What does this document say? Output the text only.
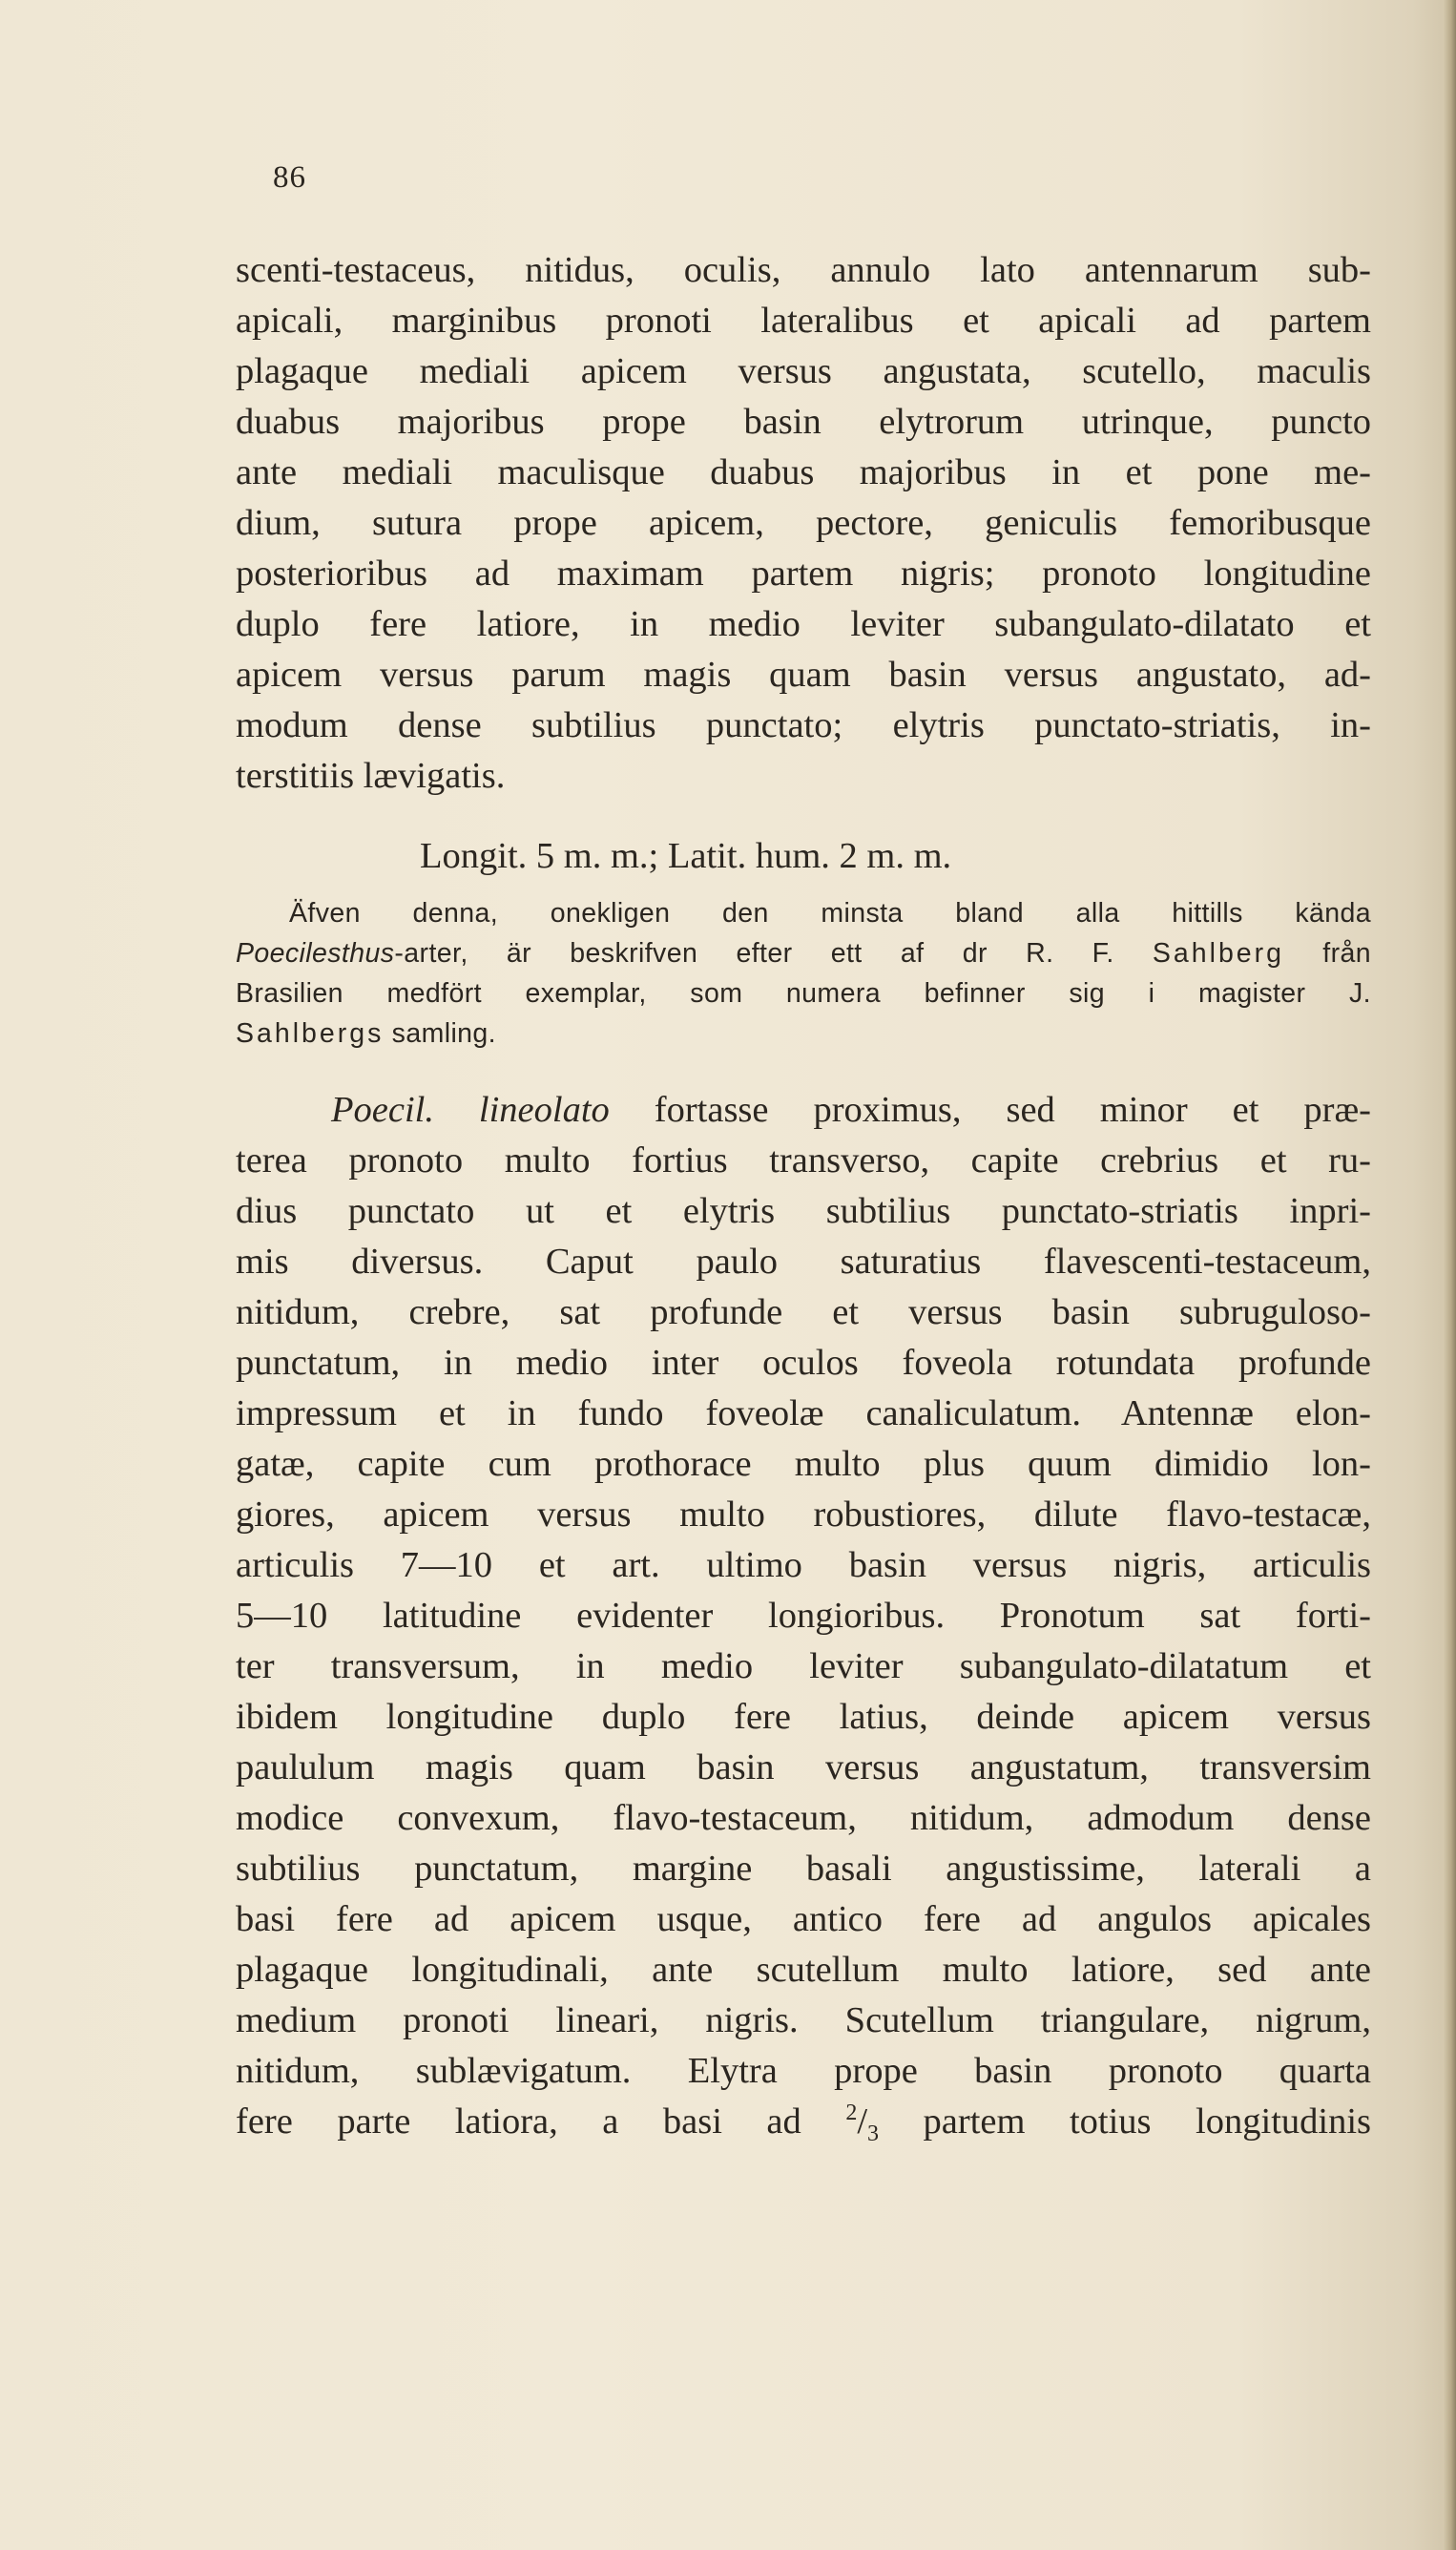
86
scenti-testaceus, nitidus, oculis, annulo lato antennarum sub-
apicali, marginibus pronoti lateralibus et apicali ad partem
plagaque mediali apicem versus angustata, scutello, maculis
duabus majoribus prope basin elytrorum utrinque, puncto
ante mediali maculisque duabus majoribus in et pone me-
dium, sutura prope apicem, pectore, geniculis femoribusque
posterioribus ad maximam partem nigris; pronoto longitudine
duplo fere latiore, in medio leviter subangulato-dilatato et
apicem versus parum magis quam basin versus angustato, ad-
modum dense subtilius punctato; elytris punctato-striatis, in-
terstitiis lævigatis.
Longit. 5 m. m.; Latit. hum. 2 m. m.
Äfven denna, onekligen den minsta bland alla hittills kända
Poecilesthus-arter, är beskrifven efter ett af dr R. F. Sahlberg från
Brasilien medfört exemplar, som numera befinner sig i magister J.
Sahlbergs samling.
Poecil. lineolato fortasse proximus, sed minor et præ-
terea pronoto multo fortius transverso, capite crebrius et ru-
dius punctato ut et elytris subtilius punctato-striatis inpri-
mis diversus. Caput paulo saturatius flavescenti-testaceum,
nitidum, crebre, sat profunde et versus basin subruguloso-
punctatum, in medio inter oculos foveola rotundata profunde
impressum et in fundo foveolæ canaliculatum. Antennæ elon-
gatæ, capite cum prothorace multo plus quum dimidio lon-
giores, apicem versus multo robustiores, dilute flavo-testacæ,
articulis 7—10 et art. ultimo basin versus nigris, articulis
5—10 latitudine evidenter longioribus. Pronotum sat forti-
ter transversum, in medio leviter subangulato-dilatatum et
ibidem longitudine duplo fere latius, deinde apicem versus
paululum magis quam basin versus angustatum, transversim
modice convexum, flavo-testaceum, nitidum, admodum dense
subtilius punctatum, margine basali angustissime, laterali a
basi fere ad apicem usque, antico fere ad angulos apicales
plagaque longitudinali, ante scutellum multo latiore, sed ante
medium pronoti lineari, nigris. Scutellum triangulare, nigrum,
nitidum, sublævigatum. Elytra prope basin pronoto quarta
fere parte latiora, a basi ad $^2/_3$ partem totius longitudinis
